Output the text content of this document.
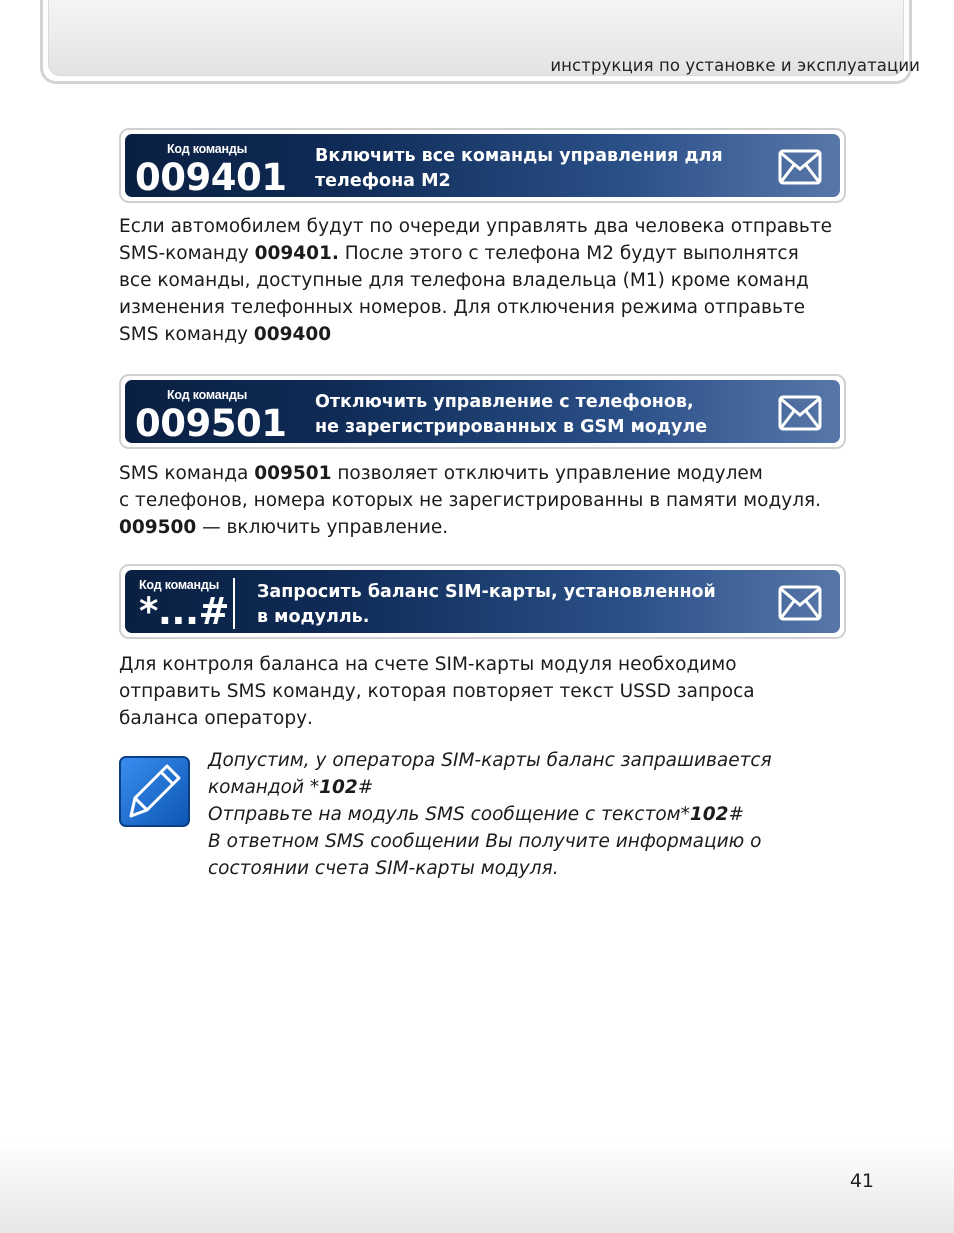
инструкция по установке и эксплуатации
Код команды
009401 Включить все команды управления для
телефона М2
Если автомобилем будут по очереди управлять два человека отправьте
SMS-команду 009401. После этого с телефона М2 будут выполнятся
все команды, доступные для телефона владельца (М1) кроме команд
изменения телефонных номеров. Для отключения режима отправьте
SMS команду 009400
Код команды
009501 Отключить управление с телефонов,
не зарегистрированных в GSM модуле
SMS команда 009501 позволяет отключить управление модулем
с телефонов, номера которых не зарегистрированны в памяти модуля.
009500 — включить управление.
Код команды
*...# Запросить баланс SIM-карты, установленной
в модулль.
Для контроля баланса на счете SIM-карты модуля необходимо
отправить SMS команду, которая повторяет текст USSD запроса
баланса оператору.
Допустим, у оператора SIM-карты баланс запрашивается
командой *102#
Отправьте на модуль SMS сообщение с текстом*102#
В ответном SMS сообщении Вы получите информацию о
состоянии счета SIM-карты модуля.
41
